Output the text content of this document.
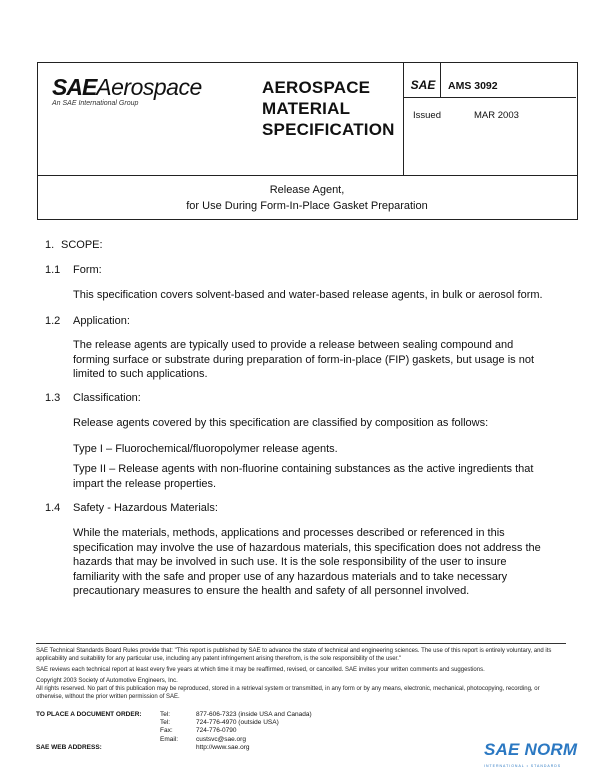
SAEAerospace
An SAE International Group
AEROSPACE
MATERIAL
SPECIFICATION
SAE	AMS 3092
Issued	MAR 2003
Release Agent,
for Use During Form-In-Place Gasket Preparation
1. SCOPE:
1.1 Form:
This specification covers solvent-based and water-based release agents, in bulk or aerosol form.
1.2 Application:
The release agents are typically used to provide a release between sealing compound and forming surface or substrate during preparation of form-in-place (FIP) gaskets, but usage is not limited to such applications.
1.3 Classification:
Release agents covered by this specification are classified by composition as follows:
Type I – Fluorochemical/fluoropolymer release agents.
Type II – Release agents with non-fluorine containing substances as the active ingredients that impart the release properties.
1.4 Safety - Hazardous Materials:
While the materials, methods, applications and processes described or referenced in this specification may involve the use of hazardous materials, this specification does not address the hazards that may be involved in such use. It is the sole responsibility of the user to insure familiarity with the safe and proper use of any hazardous materials and to take necessary precautionary measures to ensure the health and safety of all personnel involved.
SAE Technical Standards Board Rules provide that: "This report is published by SAE to advance the state of technical and engineering sciences. The use of this report is entirely voluntary, and its applicability and suitability for any particular use, including any patent infringement arising therefrom, is the sole responsibility of the user."
SAE reviews each technical report at least every five years at which time it may be reaffirmed, revised, or cancelled. SAE invites your written comments and suggestions.
Copyright 2003 Society of Automotive Engineers, Inc.
All rights reserved. No part of this publication may be reproduced, stored in a retrieval system or transmitted, in any form or by any means, electronic, mechanical, photocopying, recording, or otherwise, without the prior written permission of SAE.
TO PLACE A DOCUMENT ORDER:	Tel:	877-606-7323 (inside USA and Canada)
Tel:	724-776-4970 (outside USA)
Fax:	724-776-0790
Email:	custsvc@sae.org
SAE WEB ADDRESS:	http://www.sae.org	SAE NORM
INTERNATIONAL • STANDARDS
